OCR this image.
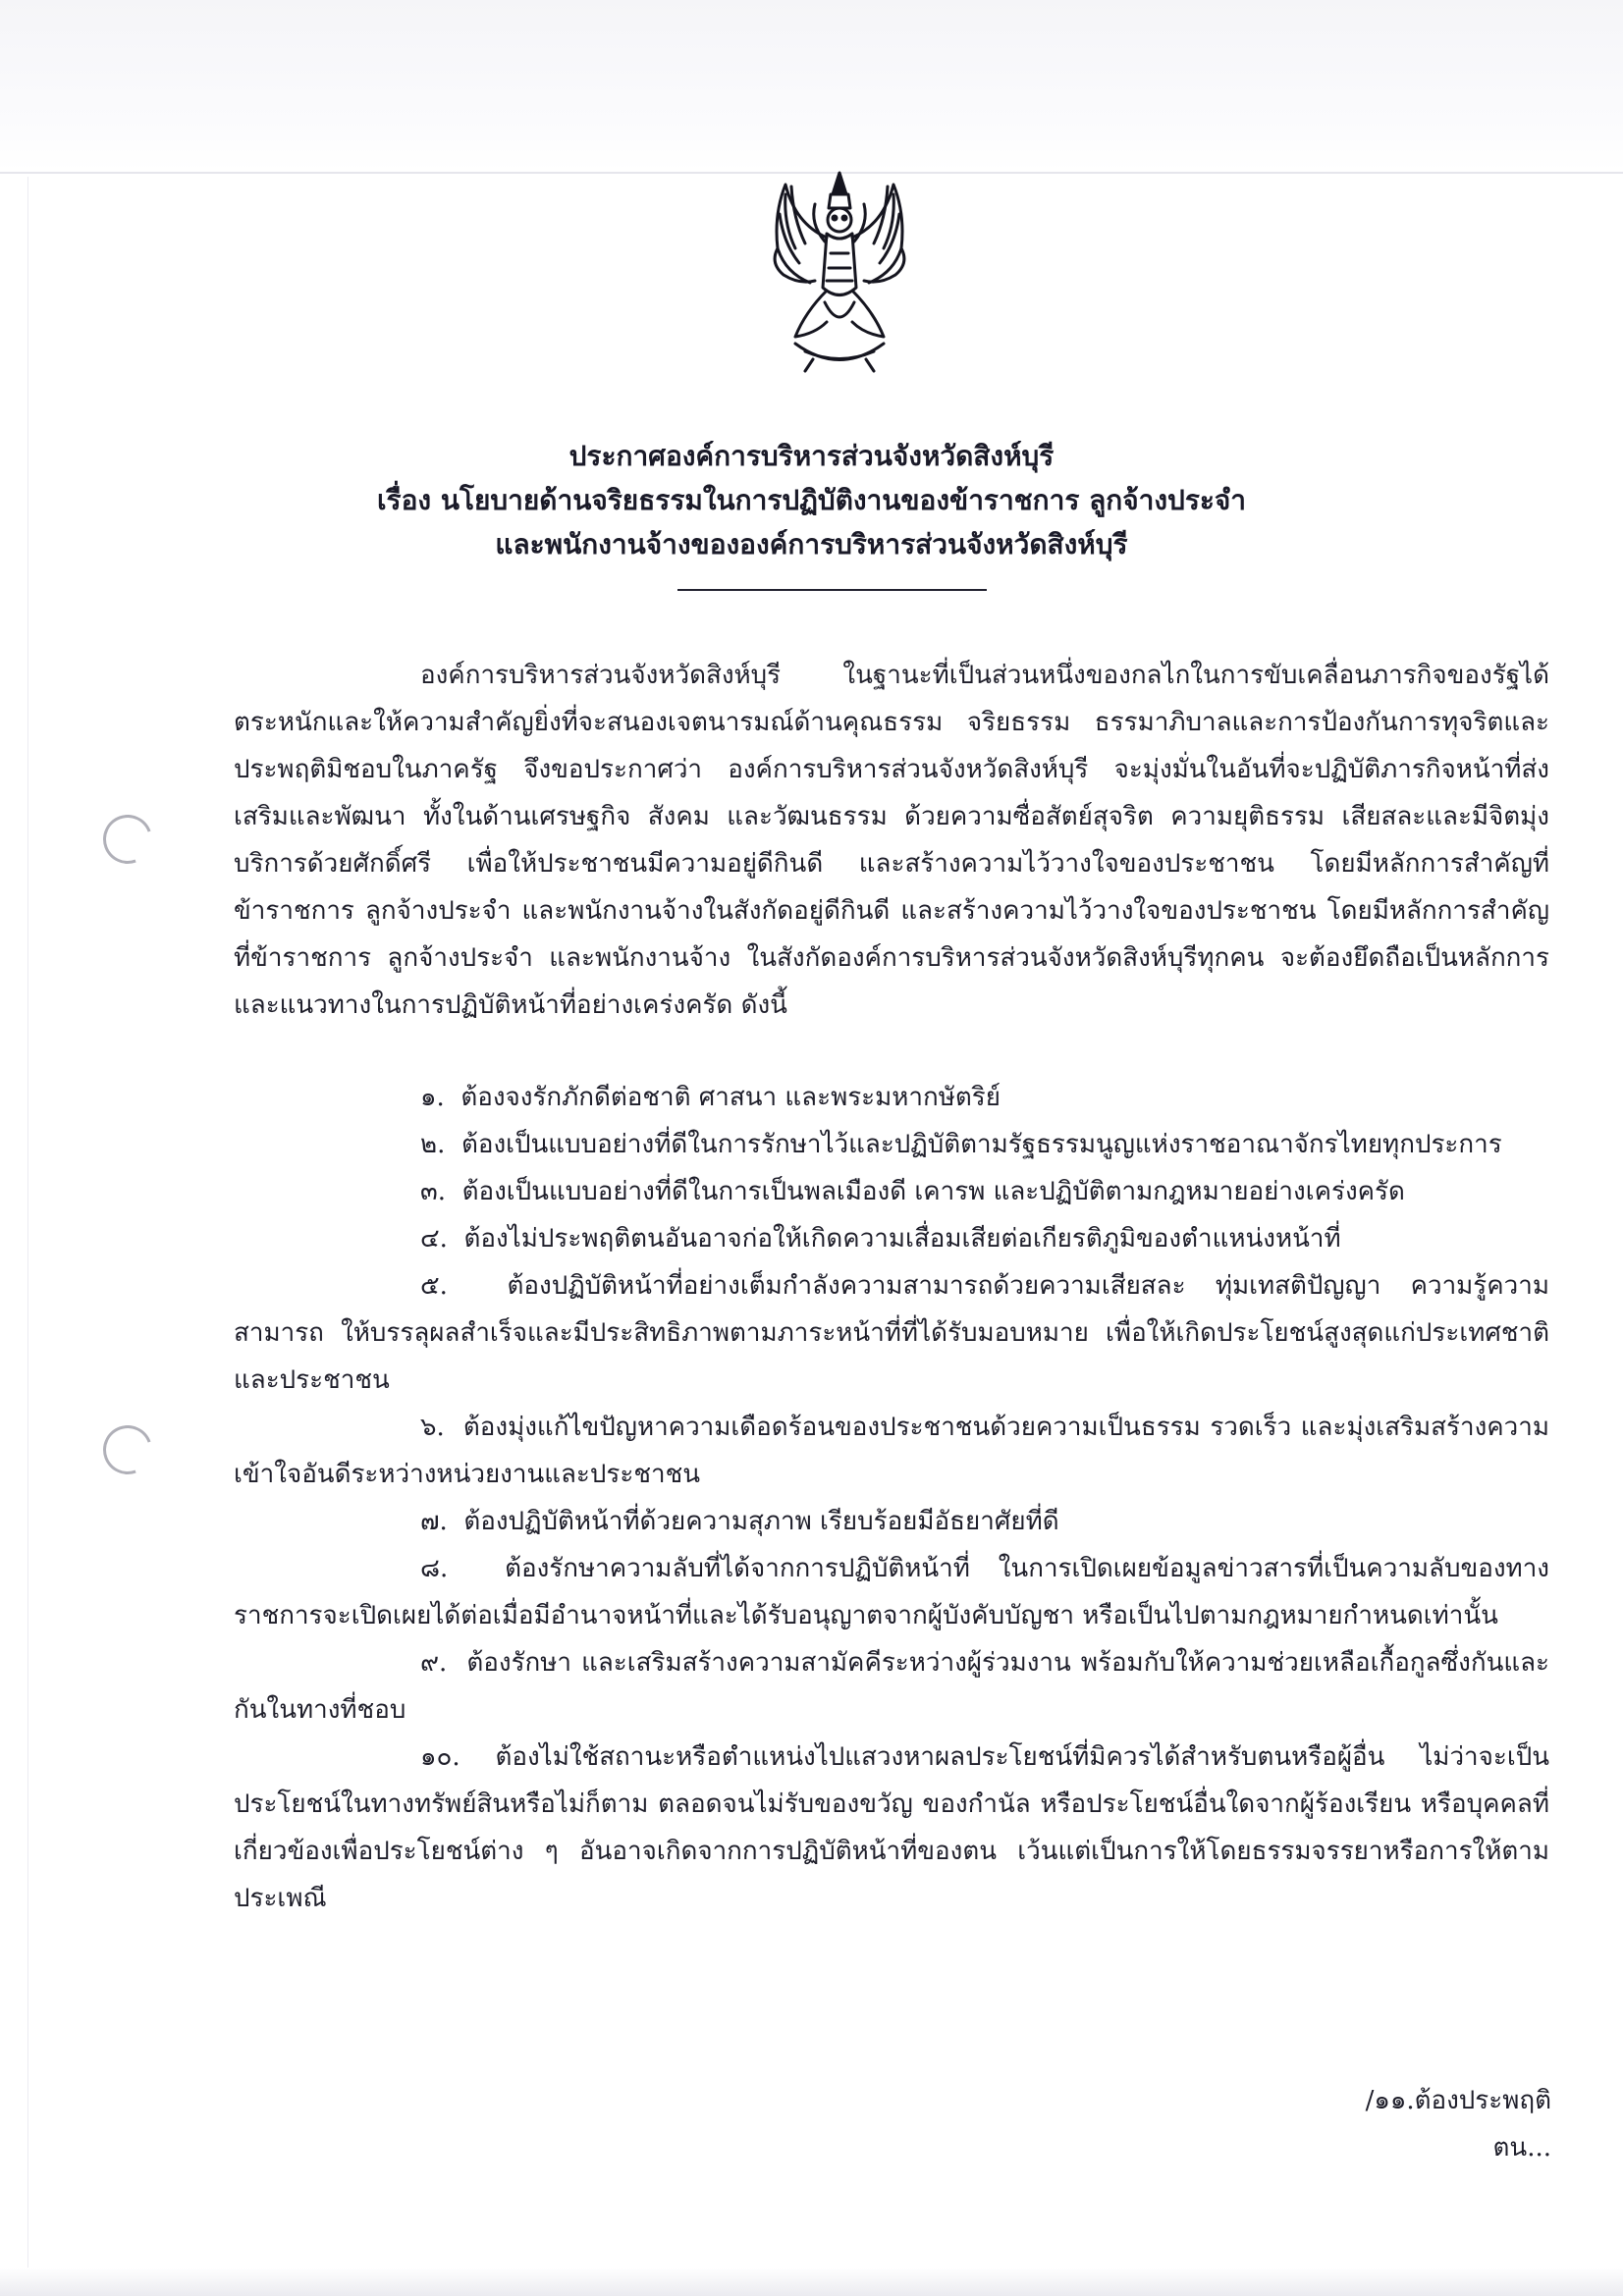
ประกาศองค์การบริหารส่วนจังหวัดสิงห์บุรี
เรื่อง นโยบายด้านจริยธรรมในการปฏิบัติงานของข้าราชการ ลูกจ้างประจำ
และพนักงานจ้างขององค์การบริหารส่วนจังหวัดสิงห์บุรี

องค์การบริหารส่วนจังหวัดสิงห์บุรี ในฐานะที่เป็นส่วนหนึ่งของกลไกในการขับเคลื่อนภารกิจของรัฐได้ตระหนักและให้ความสำคัญยิ่งที่จะสนองเจตนารมณ์ด้านคุณธรรม จริยธรรม ธรรมาภิบาลและการป้องกันการทุจริตและประพฤติมิชอบในภาครัฐ จึงขอประกาศว่า องค์การบริหารส่วนจังหวัดสิงห์บุรี จะมุ่งมั่นในอันที่จะปฏิบัติภารกิจหน้าที่ส่งเสริมและพัฒนา ทั้งในด้านเศรษฐกิจ สังคม และวัฒนธรรม ด้วยความซื่อสัตย์สุจริต ความยุติธรรม เสียสละและมีจิตมุ่งบริการด้วยศักดิ์ศรี เพื่อให้ประชาชนมีความอยู่ดีกินดี และสร้างความไว้วางใจของประชาชน โดยมีหลักการสำคัญที่ข้าราชการ ลูกจ้างประจำ และพนักงานจ้างในสังกัดอยู่ดีกินดี และสร้างความไว้วางใจของประชาชน โดยมีหลักการสำคัญที่ข้าราชการ ลูกจ้างประจำ และพนักงานจ้าง ในสังกัดองค์การบริหารส่วนจังหวัดสิงห์บุรีทุกคน จะต้องยึดถือเป็นหลักการ และแนวทางในการปฏิบัติหน้าที่อย่างเคร่งครัด ดังนี้

๑. ต้องจงรักภักดีต่อชาติ ศาสนา และพระมหากษัตริย์

๒. ต้องเป็นแบบอย่างที่ดีในการรักษาไว้และปฏิบัติตามรัฐธรรมนูญแห่งราชอาณาจักรไทยทุกประการ

๓. ต้องเป็นแบบอย่างที่ดีในการเป็นพลเมืองดี เคารพ และปฏิบัติตามกฎหมายอย่างเคร่งครัด

๔. ต้องไม่ประพฤติตนอันอาจก่อให้เกิดความเสื่อมเสียต่อเกียรติภูมิของตำแหน่งหน้าที่

๕. ต้องปฏิบัติหน้าที่อย่างเต็มกำลังความสามารถด้วยความเสียสละ ทุ่มเทสติปัญญา ความรู้ความสามารถ ให้บรรลุผลสำเร็จและมีประสิทธิภาพตามภาระหน้าที่ที่ได้รับมอบหมาย เพื่อให้เกิดประโยชน์สูงสุดแก่ประเทศชาติและประชาชน

๖. ต้องมุ่งแก้ไขปัญหาความเดือดร้อนของประชาชนด้วยความเป็นธรรม รวดเร็ว และมุ่งเสริมสร้างความเข้าใจอันดีระหว่างหน่วยงานและประชาชน

๗. ต้องปฏิบัติหน้าที่ด้วยความสุภาพ เรียบร้อยมีอัธยาศัยที่ดี

๘. ต้องรักษาความลับที่ได้จากการปฏิบัติหน้าที่ ในการเปิดเผยข้อมูลข่าวสารที่เป็นความลับของทางราชการจะเปิดเผยได้ต่อเมื่อมีอำนาจหน้าที่และได้รับอนุญาตจากผู้บังคับบัญชา หรือเป็นไปตามกฎหมายกำหนดเท่านั้น

๙. ต้องรักษา และเสริมสร้างความสามัคคีระหว่างผู้ร่วมงาน พร้อมกับให้ความช่วยเหลือเกื้อกูลซึ่งกันและกันในทางที่ชอบ

๑๐. ต้องไม่ใช้สถานะหรือตำแหน่งไปแสวงหาผลประโยชน์ที่มิควรได้สำหรับตนหรือผู้อื่น ไม่ว่าจะเป็นประโยชน์ในทางทรัพย์สินหรือไม่ก็ตาม ตลอดจนไม่รับของขวัญ ของกำนัล หรือประโยชน์อื่นใดจากผู้ร้องเรียน หรือบุคคลที่เกี่ยวข้องเพื่อประโยชน์ต่าง ๆ อันอาจเกิดจากการปฏิบัติหน้าที่ของตน เว้นแต่เป็นการให้โดยธรรมจรรยาหรือการให้ตามประเพณี

/๑๑.ต้องประพฤติตน...
